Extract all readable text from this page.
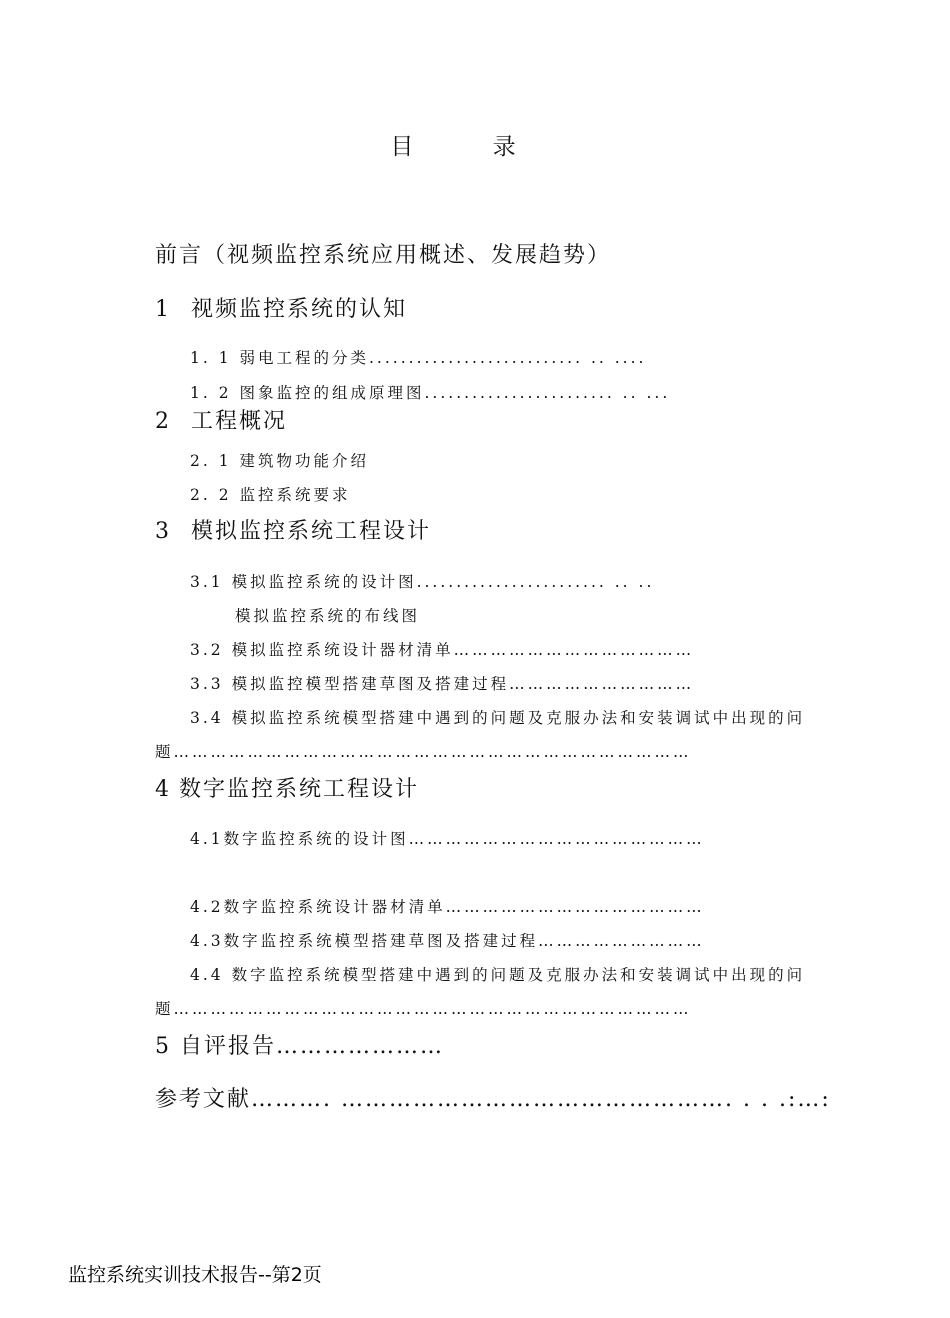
目 录
前言（视频监控系统应用概述、发展趋势）
1 视频监控系统的认知
1. 1 弱电工程的分类........................... .. ....
1. 2 图象监控的组成原理图........................ .. ...
2 工程概况
2. 1 建筑物功能介绍
2. 2 监控系统要求
3 模拟监控系统工程设计
3.1 模拟监控系统的设计图........................ .. ..
模拟监控系统的布线图
3.2 模拟监控系统设计器材清单…………………………………
3.3 模拟监控模型搭建草图及搭建过程…………………………
3.4 模拟监控系统模型搭建中遇到的问题及克服办法和安装调试中出现的问
题…………………………………………………………………………
4 数字监控系统工程设计
4.1数字监控系统的设计图…………………………………………
4.2数字监控系统设计器材清单……………………………………
4.3数字监控系统模型搭建草图及搭建过程………………………
4.4 数字监控系统模型搭建中遇到的问题及克服办法和安装调试中出现的问
题…………………………………………………………………………
5 自评报告…………………
参考文献………. …………………………………………. . . .:…:
监控系统实训技术报告--第2页
